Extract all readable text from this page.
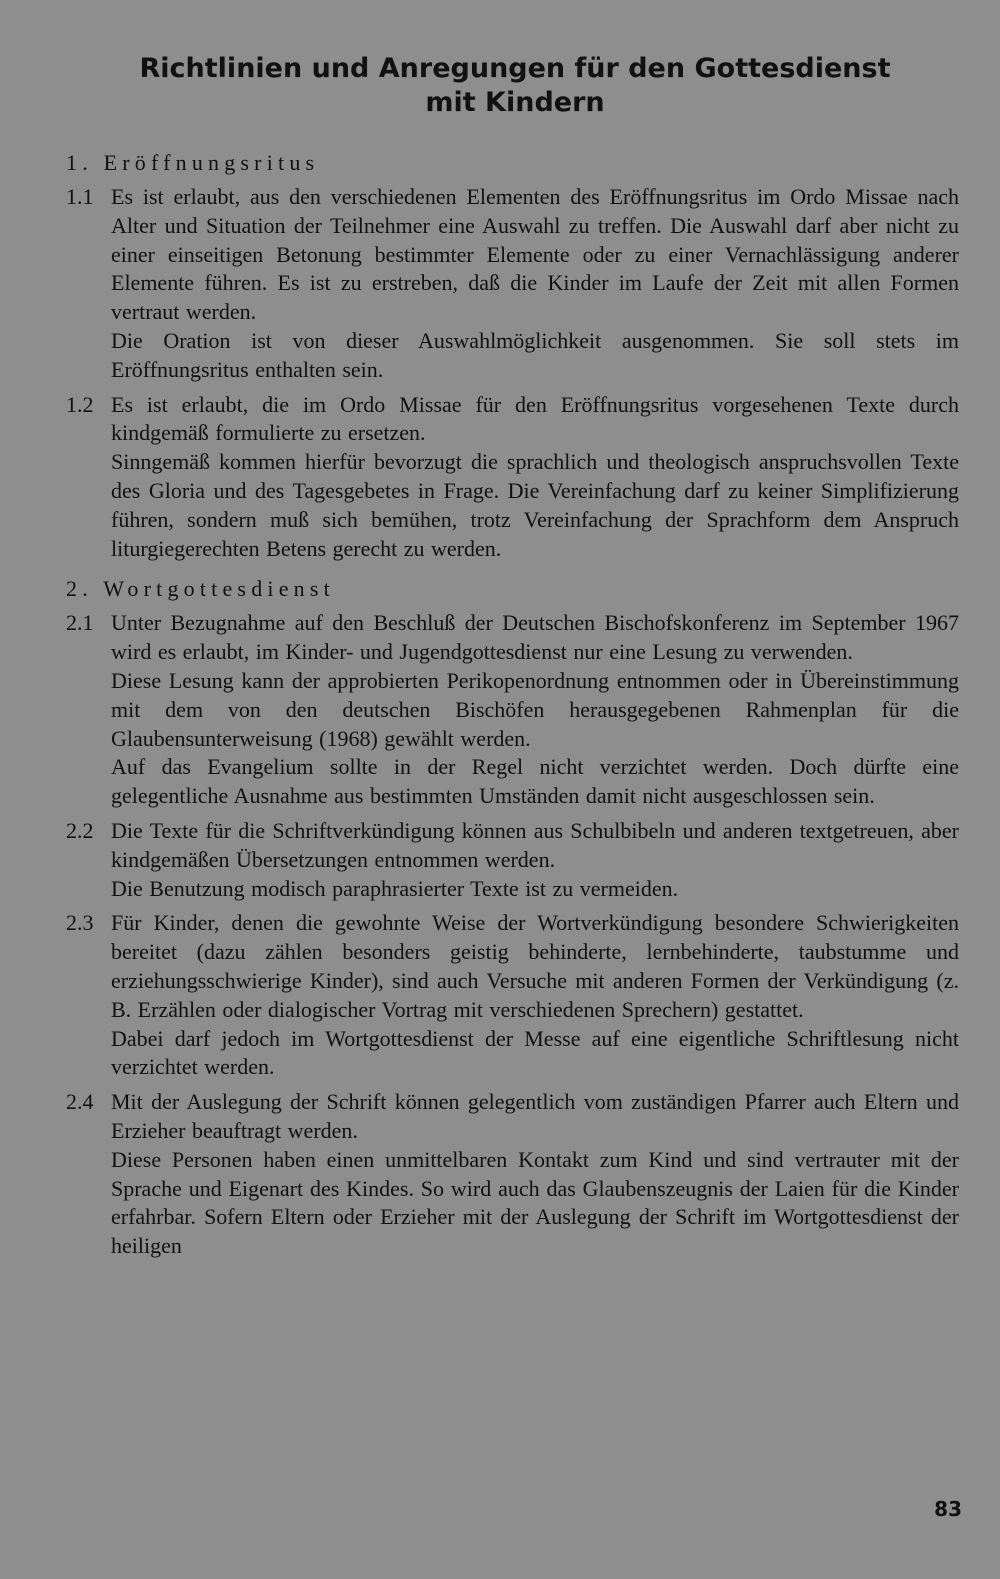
Richtlinien und Anregungen für den Gottesdienst
mit Kindern
1. Eröffnungsritus
1.1 Es ist erlaubt, aus den verschiedenen Elementen des Eröffnungsritus im Ordo Missae nach Alter und Situation der Teilnehmer eine Auswahl zu treffen. Die Auswahl darf aber nicht zu einer einseitigen Betonung bestimmter Elemente oder zu einer Vernachlässigung anderer Elemente führen. Es ist zu erstreben, daß die Kinder im Laufe der Zeit mit allen Formen vertraut werden.

Die Oration ist von dieser Auswahlmöglichkeit ausgenommen. Sie soll stets im Eröffnungsritus enthalten sein.

1.2 Es ist erlaubt, die im Ordo Missae für den Eröffnungsritus vorgesehenen Texte durch kindgemäß formulierte zu ersetzen.

Sinngemäß kommen hierfür bevorzugt die sprachlich und theologisch anspruchsvollen Texte des Gloria und des Tagesgebetes in Frage. Die Vereinfachung darf zu keiner Simplifizierung führen, sondern muß sich bemühen, trotz Vereinfachung der Sprachform dem Anspruch liturgiegerechten Betens gerecht zu werden.

2. Wortgottesdienst
2.1 Unter Bezugnahme auf den Beschluß der Deutschen Bischofskonferenz im September 1967 wird es erlaubt, im Kinder- und Jugendgottesdienst nur eine Lesung zu verwenden.

Diese Lesung kann der approbierten Perikopenordnung entnommen oder in Übereinstimmung mit dem von den deutschen Bischöfen herausgegebenen Rahmenplan für die Glaubensunterweisung (1968) gewählt werden.

Auf das Evangelium sollte in der Regel nicht verzichtet werden. Doch dürfte eine gelegentliche Ausnahme aus bestimmten Umständen damit nicht ausgeschlossen sein.

2.2 Die Texte für die Schriftverkündigung können aus Schulbibeln und anderen textgetreuen, aber kindgemäßen Übersetzungen entnommen werden.

Die Benutzung modisch paraphrasierter Texte ist zu vermeiden.

2.3 Für Kinder, denen die gewohnte Weise der Wortverkündigung besondere Schwierigkeiten bereitet (dazu zählen besonders geistig behinderte, lernbehinderte, taubstumme und erziehungsschwierige Kinder), sind auch Versuche mit anderen Formen der Verkündigung (z. B. Erzählen oder dialogischer Vortrag mit verschiedenen Sprechern) gestattet.

Dabei darf jedoch im Wortgottesdienst der Messe auf eine eigentliche Schriftlesung nicht verzichtet werden.

2.4 Mit der Auslegung der Schrift können gelegentlich vom zuständigen Pfarrer auch Eltern und Erzieher beauftragt werden.

Diese Personen haben einen unmittelbaren Kontakt zum Kind und sind vertrauter mit der Sprache und Eigenart des Kindes. So wird auch das Glaubenszeugnis der Laien für die Kinder erfahrbar. Sofern Eltern oder Erzieher mit der Auslegung der Schrift im Wortgottesdienst der heiligen

83
